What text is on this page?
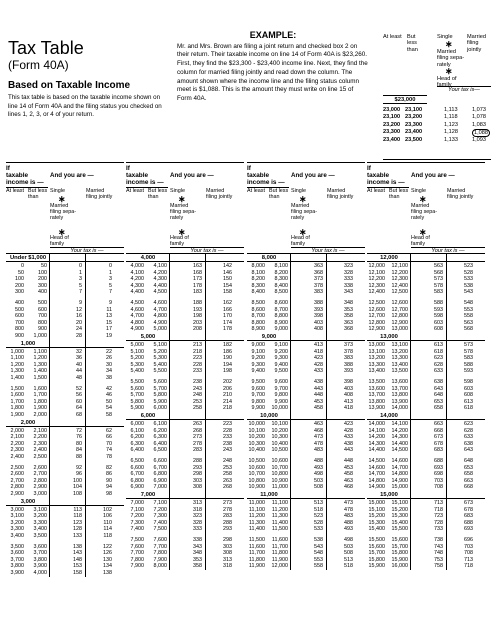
Tax Table
(Form 40A)
Based on Taxable Income
This tax table is based on the taxable income shown on line 14 of Form 40A and the filing status you checked on lines 1, 2, 3, or 4 of your return.
EXAMPLE:
Mr. and Mrs. Brown are filing a joint return and checked box 2 on their return. Their taxable income on line 14 of Form 40A is $23,260. First, they find the $23,300 - $23,400 income line. Next, they find the column for married filing jointly and read down the column. The amount shown where the income line and the filing status column meet is $1,088. This is the amount they must write on line 15 of Form 40A.
At least But less than
Single
∗
Married filing sepa- rately
∗
Head of family
Married filing jointly
Your tax is—
$23,000
23,000 23,100	1,113	1,073
23,100 23,200	1,118	1,078
23,200 23,300	1,123	1,083
23,300 23,400	1,128	1,088
23,400 23,500	1,133	1,093
If
taxable
income is —
And you are —
At least But less than
Single
∗
Married filing sepa- rately
∗
Head of family
Married filing jointly
Your tax is —
Under $1,000
0	50	0	0
50	100	1	1
100	200	3	3
200	300	5	5
300	400	7	7
400	500	9	9
500	600	12	11
600	700	16	13
700	800	20	15
800	900	24	17
900	1,000	28	19
1,000
1,000	1,100	32	22
1,100	1,200	36	26
1,200	1,300	40	30
1,300	1,400	44	34
1,400	1,500	48	38
1,500	1,600	52	42
1,600	1,700	56	46
1,700	1,800	60	50
1,800	1,900	64	54
1,900	2,000	68	58
2,000
2,000	2,100	72	62
2,100	2,200	76	66
2,200	2,300	80	70
2,300	2,400	84	74
2,400	2,500	88	78
2,500	2,600	92	82
2,600	2,700	96	86
2,700	2,800	100	90
2,800	2,900	104	94
2,900	3,000	108	98
3,000
3,000	3,100	113	102
3,100	3,200	118	106
3,200	3,300	123	110
3,300	3,400	128	114
3,400	3,500	133	118
3,500	3,600	138	122
3,600	3,700	143	126
3,700	3,800	148	130
3,800	3,900	153	134
3,900	4,000	158	138
If
taxable
income is —
And you are —
At least But less than
Single
∗
Married filing sepa- rately
∗
Head of family
Married filing jointly
Your tax is —
4,000
4,000	4,100	163	142
4,100	4,200	168	146
4,200	4,300	173	150
4,300	4,400	178	154
4,400	4,500	183	158
4,500	4,600	188	162
4,600	4,700	193	166
4,700	4,800	198	170
4,800	4,900	203	174
4,900	5,000	208	178
5,000
5,000	5,100	213	182
5,100	5,200	218	186
5,200	5,300	223	190
5,300	5,400	228	194
5,400	5,500	233	198
5,500	5,600	238	202
5,600	5,700	243	206
5,700	5,800	248	210
5,800	5,900	253	214
5,900	6,000	258	218
6,000
6,000	6,100	263	223
6,100	6,200	268	228
6,200	6,300	273	233
6,300	6,400	278	238
6,400	6,500	283	243
6,500	6,600	288	248
6,600	6,700	293	253
6,700	6,800	298	258
6,800	6,900	303	263
6,900	7,000	308	268
7,000
7,000	7,100	313	273
7,100	7,200	318	278
7,200	7,300	323	283
7,300	7,400	328	288
7,400	7,500	333	293
7,500	7,600	338	298
7,600	7,700	343	303
7,700	7,800	348	308
7,800	7,900	353	313
7,900	8,000	358	318
If
taxable
income is —
And you are —
At least But less than
Single
∗
Married filing sepa- rately
∗
Head of family
Married filing jointly
Your tax is —
8,000
8,000	8,100	363	323
8,100	8,200	368	328
8,200	8,300	373	333
8,300	8,400	378	338
8,400	8,500	383	343
8,500	8,600	388	348
8,600	8,700	393	353
8,700	8,800	398	358
8,800	8,900	403	363
8,900	9,000	408	368
9,000
9,000	9,100	413	373
9,100	9,200	418	378
9,200	9,300	423	383
9,300	9,400	428	388
9,400	9,500	433	393
9,500	9,600	438	398
9,600	9,700	443	403
9,700	9,800	448	408
9,800	9,900	453	413
9,900	10,000	458	418
10,000
10,000	10,100	463	423
10,100	10,200	468	428
10,200	10,300	473	433
10,300	10,400	478	438
10,400	10,500	483	443
10,500	10,600	488	448
10,600	10,700	493	453
10,700	10,800	498	458
10,800	10,900	503	463
10,900	11,000	508	468
11,000
11,000	11,100	513	473
11,100	11,200	518	478
11,200	11,300	523	483
11,300	11,400	528	488
11,400	11,500	533	493
11,500	11,600	538	498
11,600	11,700	543	503
11,700	11,800	548	508
11,800	11,900	553	513
11,900	12,000	558	518
If
taxable
income is —
And you are —
At least But less than
Single
∗
Married filing sepa- rately
∗
Head of family
Married filing jointly
Your tax is —
12,000
12,000	12,100	563	523
12,100	12,200	568	528
12,200	12,300	573	533
12,300	12,400	578	538
12,400	12,500	583	543
12,500	12,600	588	548
12,600	12,700	593	553
12,700	12,800	598	558
12,800	12,900	603	563
12,900	13,000	608	568
13,000
13,000	13,100	613	573
13,100	13,200	618	578
13,200	13,300	623	583
13,300	13,400	628	588
13,400	13,500	633	593
13,500	13,600	638	598
13,600	13,700	643	603
13,700	13,800	648	608
13,800	13,900	653	613
13,900	14,000	658	618
14,000
14,000	14,100	663	623
14,100	14,200	668	628
14,200	14,300	673	633
14,300	14,400	678	638
14,400	14,500	683	643
14,500	14,600	688	648
14,600	14,700	693	653
14,700	14,800	698	658
14,800	14,900	703	663
14,900	15,000	708	668
15,000
15,000	15,100	713	673
15,100	15,200	718	678
15,200	15,300	723	683
15,300	15,400	728	688
15,400	15,500	733	693
15,500	15,600	738	696
15,600	15,700	743	703
15,700	15,800	748	708
15,800	15,900	753	713
15,900	16,000	758	718
